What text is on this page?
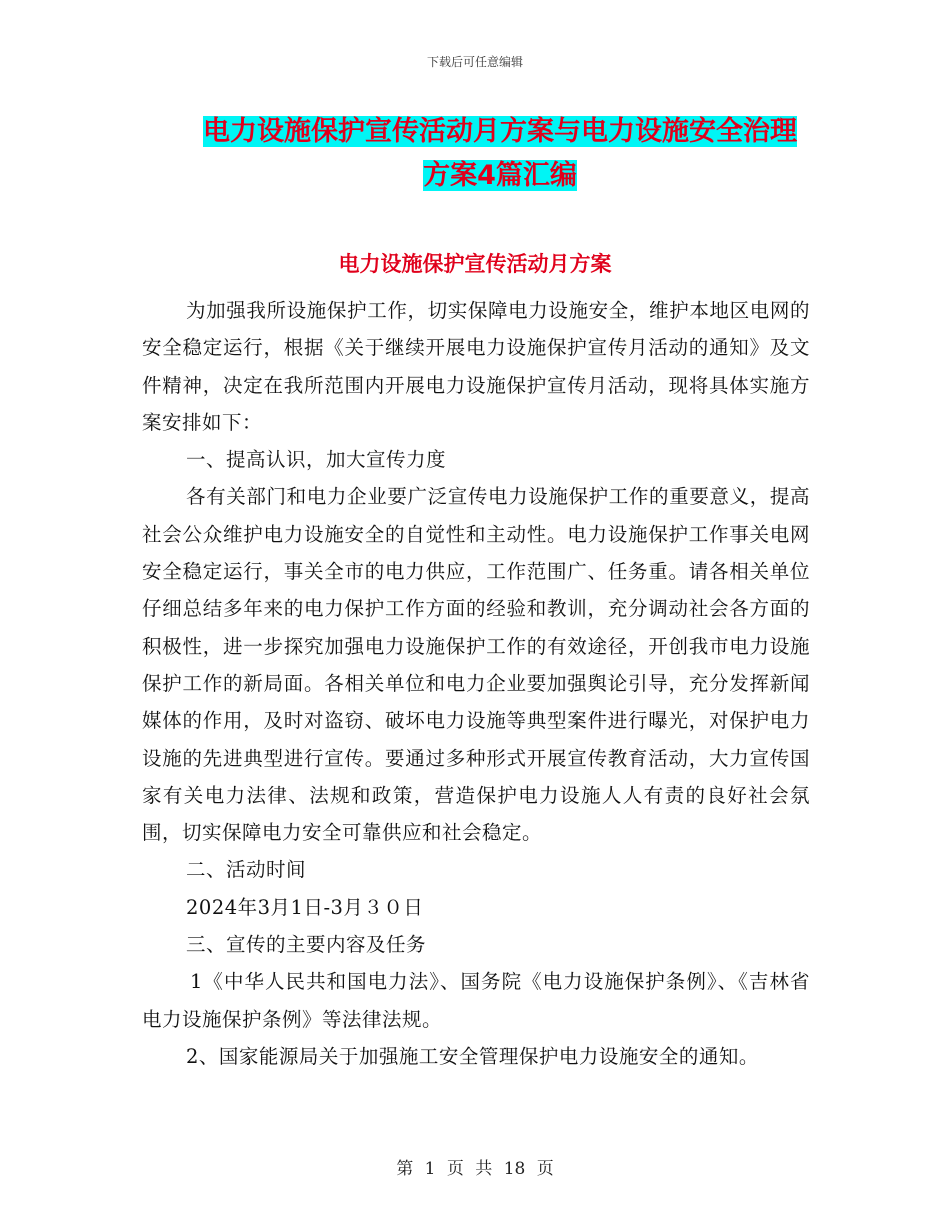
下载后可任意编辑
电力设施保护宣传活动月方案与电力设施安全治理方案4篇汇编
电力设施保护宣传活动月方案

为加强我所设施保护工作，切实保障电力设施安全，维护本地区电网的安全稳定运行，根据《关于继续开展电力设施保护宣传月活动的通知》及文件精神，决定在我所范围内开展电力设施保护宣传月活动，现将具体实施方案安排如下：

一、提高认识，加大宣传力度

各有关部门和电力企业要广泛宣传电力设施保护工作的重要意义，提高社会公众维护电力设施安全的自觉性和主动性。电力设施保护工作事关电网安全稳定运行，事关全市的电力供应，工作范围广、任务重。请各相关单位仔细总结多年来的电力保护工作方面的经验和教训，充分调动社会各方面的积极性，进一步探究加强电力设施保护工作的有效途径，开创我市电力设施保护工作的新局面。各相关单位和电力企业要加强舆论引导，充分发挥新闻媒体的作用，及时对盗窃、破坏电力设施等典型案件进行曝光，对保护电力设施的先进典型进行宣传。要通过多种形式开展宣传教育活动，大力宣传国家有关电力法律、法规和政策，营造保护电力设施人人有责的良好社会氛围，切实保障电力安全可靠供应和社会稳定。

二、活动时间

2024年3月1日-3月３０日

三、宣传的主要内容及任务

1《中华人民共和国电力法》、国务院《电力设施保护条例》、《吉林省电力设施保护条例》等法律法规。

2、国家能源局关于加强施工安全管理保护电力设施安全的通知。

第 1 页 共 18 页
